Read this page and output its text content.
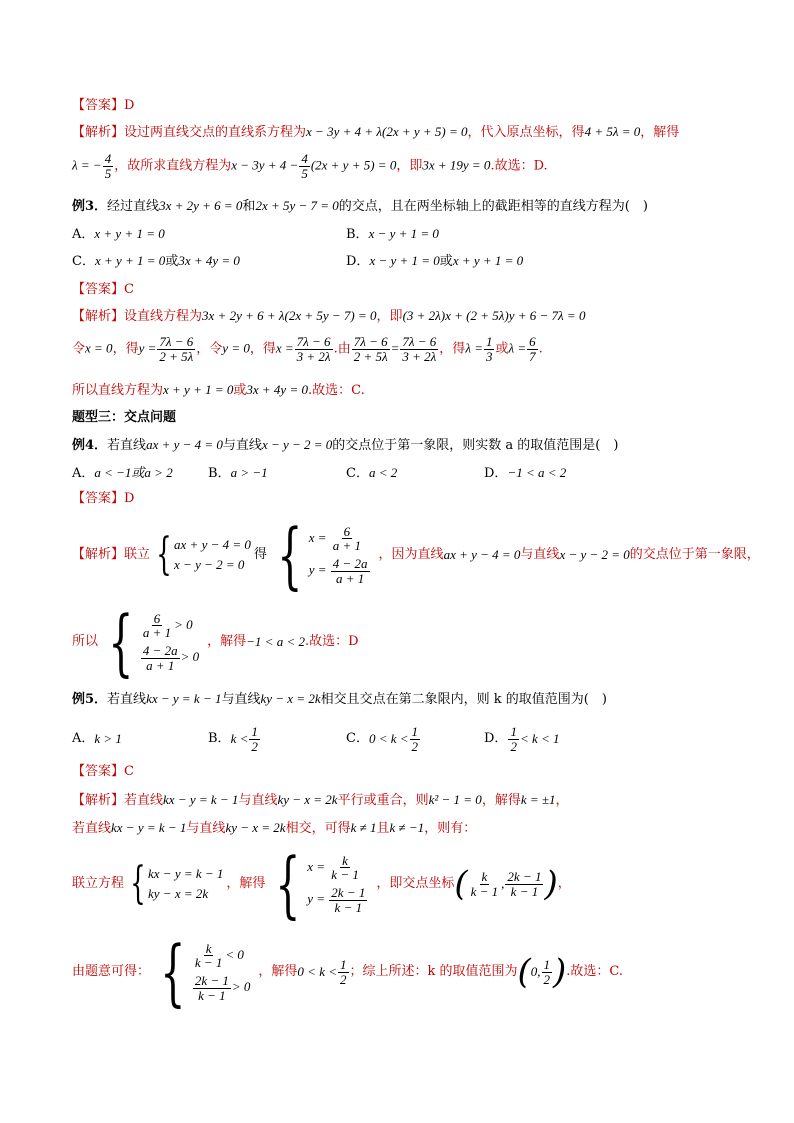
【答案】D
【解析】设过两直线交点的直线系方程为x − 3y + 4 + λ(2x + y + 5) = 0，代入原点坐标，得4 + 5λ = 0，解得
λ = − $\frac{4}{5}$ ，故所求直线方程为$x - 3y + 4 - \frac{4}{5} (2x + y + 5) = 0$，即3x + 19y = 0.故选：D.
例3．经过直线3x + 2y + 6 = 0和2x + 5y − 7 = 0的交点，且在两坐标轴上的截距相等的直线方程为(　)
A．x + y + 1 = 0	B．x − y + 1 = 0
C．x + y + 1 = 0或3x + 4y = 0	D．x − y + 1 = 0或x + y + 1 = 0
【答案】C
【解析】设直线方程为3x + 2y + 6 + λ(2x + 5y − 7) = 0，即(3 + 2λ)x + (2 + 5λ)y + 6 − 7λ = 0
令x = 0，得$y = \frac{7\lambda - 6}{2 + 5\lambda}$ ，令y = 0，得$x = \frac{7\lambda - 6}{3 + 2\lambda}$ .由 $\frac{7\lambda - 6}{2 + 5\lambda} = \frac{7\lambda - 6}{3 + 2\lambda}$ ，得$\lambda = \frac{1}{3}$ 或$\lambda = \frac{6}{7}$ .
所以直线方程为x + y + 1 = 0或3x + 4y = 0.故选：C.
题型三：交点问题
例4．若直线ax + y − 4 = 0与直线x − y − 2 = 0的交点位于第一象限，则实数 a 的取值范围是(　)
A．a < −1或a > 2	B．a > −1	C．a < 2	D．−1 < a < 2
【答案】D
【解析】 联立 { ax + y − 4 = 0
x − y − 2 = 0
得 { $x = \frac{6}{a + 1}$
$y = \frac{4 - 2a}{a + 1}$
，因为直线 ax + y − 4 = 0 与直线 x − y − 2 = 0 的交点位于第一象限，
所以 { $\frac{6}{a + 1} > 0$
$\frac{4 - 2a}{a + 1} > 0$
，解得 −1 < a < 2 .故选：D
例5．若直线kx − y = k − 1与直线ky − x = 2k相交且交点在第二象限内，则 k 的取值范围为(　)
A． k > 1	B． $k < \frac{1}{2}$	C． $0 < k < \frac{1}{2}$	D． $\frac{1}{2} < k < 1$
【答案】C
【解析】若直线kx − y = k − 1与直线ky − x = 2k平行或重合，则k² − 1 = 0，解得k = ±1，
若直线kx − y = k − 1与直线ky − x = 2k相交，可得k ≠ 1且k ≠ −1，则有：
联立方程 { kx − y = k − 1
ky − x = 2k
，解得 { $x = \frac{k}{k - 1}$
$y = \frac{2k - 1}{k - 1}$
，即交点坐标 ( $\frac{k}{k - 1}$ , $\frac{2k - 1}{k - 1}$ ) ，
由题意可得： { $\frac{k}{k - 1} < 0$
$\frac{2k - 1}{k - 1} > 0$
，解得 $0 < k < \frac{1}{2}$ ；综上所述：k 的取值范围为 ( 0, $\frac{1}{2}$ ) .故选：C.
